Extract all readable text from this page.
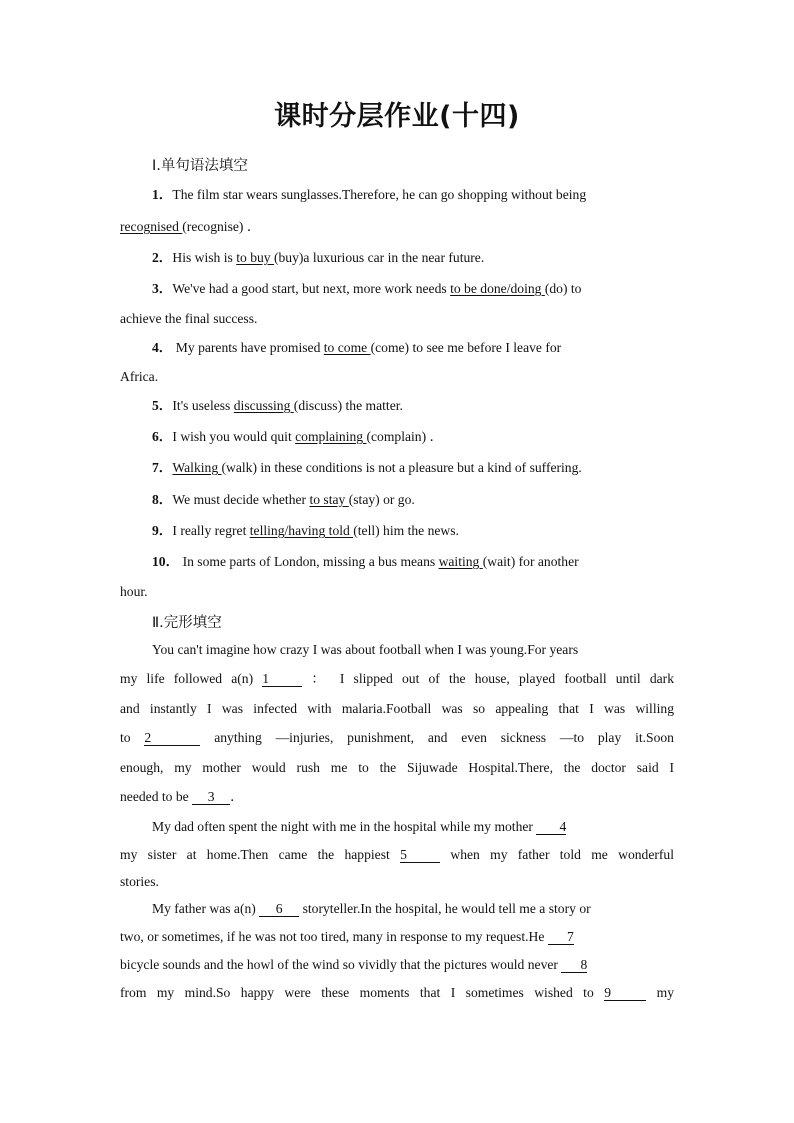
课时分层作业(十四)

Ⅰ.单句语法填空

1．The film star wears sunglasses.Therefore, he can go shopping without being
recognised (recognise) ．
2．His wish is to buy (buy)a luxurious car in the near future.
3．We've had a good start, but next, more work needs to be done/doing (do) to
achieve the final success.
4． My parents have promised to come (come) to see me before I leave for
Africa.
5．It's useless discussing (discuss) the matter.
6．I wish you would quit complaining (complain) ．
7．Walking (walk) in these conditions is not a pleasure but a kind of suffering.
8．We must decide whether to stay (stay) or go.
9．I really regret telling/having told (tell) him the news.
10． In some parts of London, missing a bus means waiting (wait) for another
hour.

Ⅱ.完形填空

You can't imagine how crazy I was about football when I was young.For years
my life followed a(n) 1 ： I slipped out of the house, played football until dark
and instantly I was infected with malaria.Football was so appealing that I was willing
to 2	anything —injuries, punishment, and even sickness —to play it.Soon
enough, my mother would rush me to the Sijuwade Hospital.There, the doctor said I
needed to be 3 ．
My dad often spent the night with me in the hospital while my mother 4
my sister at home.Then came the happiest 5 when my father told me wonderful
stories.
My father was a(n) 6 storyteller.In the hospital, he would tell me a story or
two, or sometimes, if he was not too tired, many in response to my request.He 7
bicycle sounds and the howl of the wind so vividly that the pictures would never 8
from my mind.So happy were these moments that I sometimes wished to 9	my
